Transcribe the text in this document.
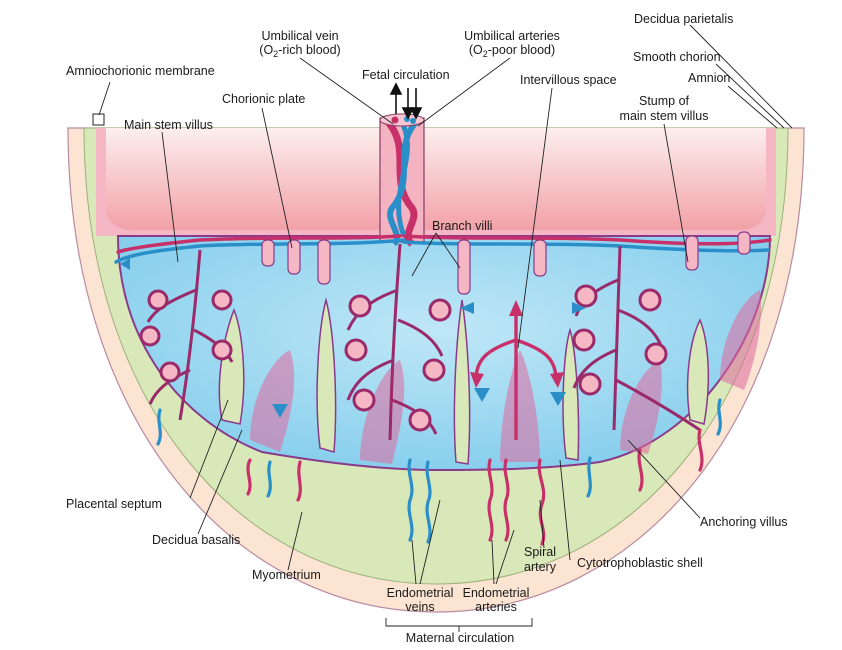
Decidua parietalis
Umbilical vein
($O_2$-rich blood)
Umbilical arteries
($O_2$-poor blood)	Smooth chorion
Amniochorionic membrane	Fetal circulation	Intervillous space	Amnion
Chorionic plate	Stump of
main stem villus
Main stem villus
Branch villi
Placental septum
Anchoring villus
Decidua basalis
Spiral
artery Cytotrophoblastic shell
Myometrium
Endometrial
veins
Endometrial
arteries
Maternal circulation
